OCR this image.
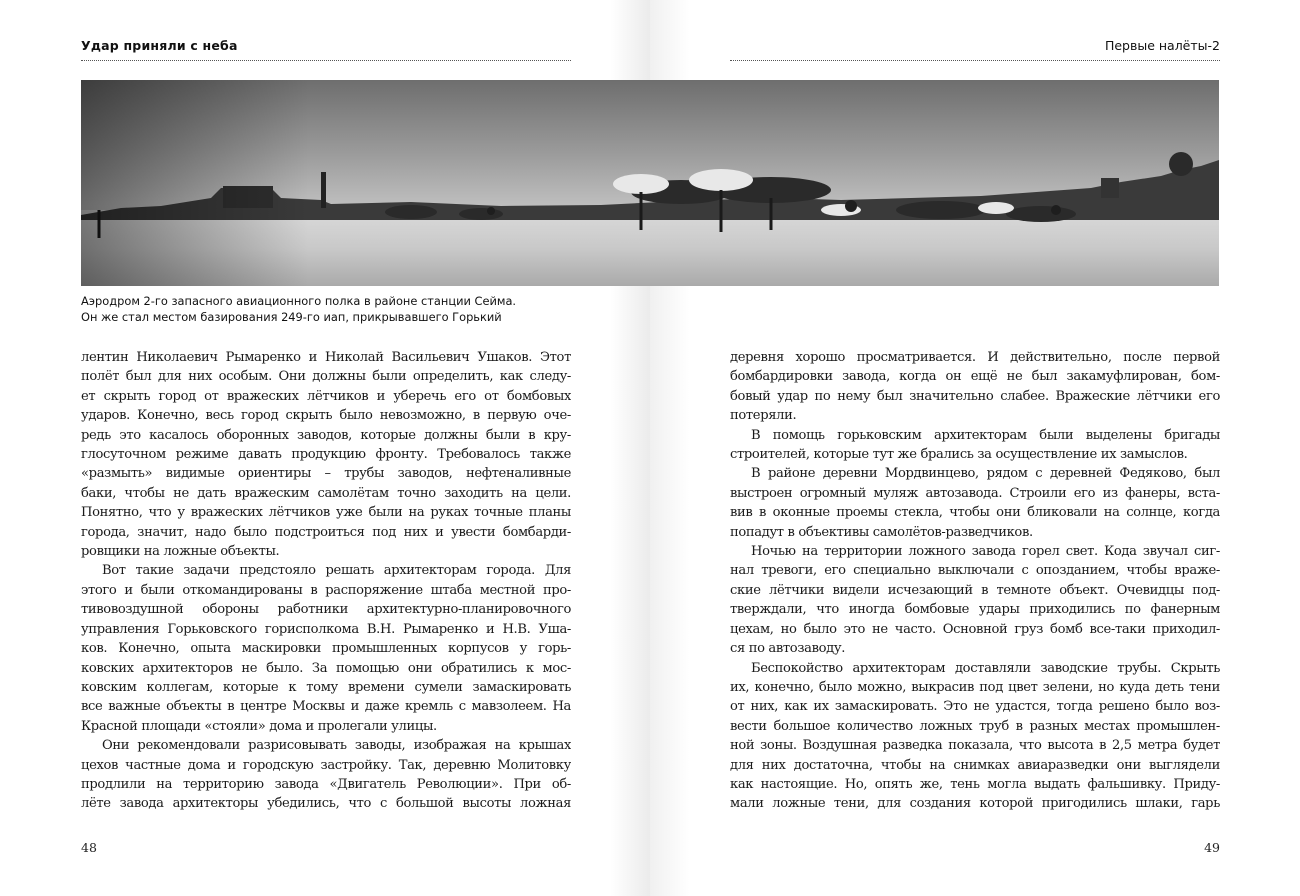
Удар приняли с неба
лентин Николаевич Рымаренко и Николай Васильевич Ушаков. Этот
полёт был для них особым. Они должны были определить, как следу-
ет скрыть город от вражеских лётчиков и уберечь его от бомбовых
ударов. Конечно, весь город скрыть было невозможно, в первую оче-
редь это касалось оборонных заводов, которые должны были в кру-
глосуточном режиме давать продукцию фронту. Требовалось также
«размыть» видимые ориентиры – трубы заводов, нефтеналивные
баки, чтобы не дать вражеским самолётам точно заходить на цели.
Понятно, что у вражеских лётчиков уже были на руках точные планы
города, значит, надо было подстроиться под них и увести бомбарди-
ровщики на ложные объекты.
Вот такие задачи предстояло решать архитекторам города. Для
этого и были откомандированы в распоряжение штаба местной про-
тивовоздушной обороны работники архитектурно-планировочного
управления Горьковского горисполкома В.Н. Рымаренко и Н.В. Уша-
ков. Конечно, опыта маскировки промышленных корпусов у горь-
ковских архитекторов не было. За помощью они обратились к мос-
ковским коллегам, которые к тому времени сумели замаскировать
все важные объекты в центре Москвы и даже кремль с мавзолеем. На
Красной площади «стояли» дома и пролегали улицы.
Они рекомендовали разрисовывать заводы, изображая на крышах
цехов частные дома и городскую застройку. Так, деревню Молитовку
продлили на территорию завода «Двигатель Революции». При об-
лёте завода архитекторы убедились, что с большой высоты ложная
48
Первые налёты-2
деревня хорошо просматривается. И действительно, после первой
бомбардировки завода, когда он ещё не был закамуфлирован, бом-
бовый удар по нему был значительно слабее. Вражеские лётчики его
потеряли.
В помощь горьковским архитекторам были выделены бригады
строителей, которые тут же брались за осуществление их замыслов.
В районе деревни Мордвинцево, рядом с деревней Федяково, был
выстроен огромный муляж автозавода. Строили его из фанеры, вста-
вив в оконные проемы стекла, чтобы они бликовали на солнце, когда
попадут в объективы самолётов-разведчиков.
Ночью на территории ложного завода горел свет. Кода звучал сиг-
нал тревоги, его специально выключали с опозданием, чтобы враже-
ские лётчики видели исчезающий в темноте объект. Очевидцы под-
тверждали, что иногда бомбовые удары приходились по фанерным
цехам, но было это не часто. Основной груз бомб все-таки приходил-
ся по автозаводу.
Беспокойство архитекторам доставляли заводские трубы. Скрыть
их, конечно, было можно, выкрасив под цвет зелени, но куда деть тени
от них, как их замаскировать. Это не удастся, тогда решено было воз-
вести большое количество ложных труб в разных местах промышлен-
ной зоны. Воздушная разведка показала, что высота в 2,5 метра будет
для них достаточна, чтобы на снимках авиаразведки они выглядели
как настоящие. Но, опять же, тень могла выдать фальшивку. Приду-
мали ложные тени, для создания которой пригодились шлаки, гарь
49
Аэродром 2-го запасного авиационного полка в районе станции Сейма.
Он же стал местом базирования 249-го иап, прикрывавшего Горький
